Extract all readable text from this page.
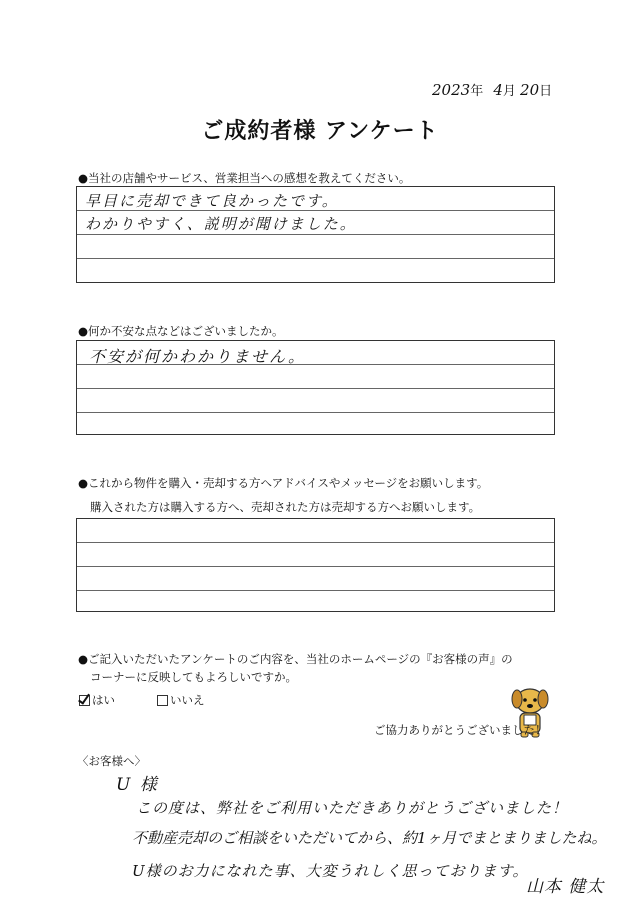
2023年 4月 20日
ご成約者様 アンケート
●当社の店舗やサービス、営業担当への感想を教えてください。
早目に売却できて良かったです。
わかりやすく、説明が聞けました。
●何か不安な点などはございましたか。
不安が何かわかりません。
●これから物件を購入・売却する方へアドバイスやメッセージをお願いします。
購入された方は購入する方へ、売却された方は売却する方へお願いします。
●ご記入いただいたアンケートのご内容を、当社のホームページの『お客様の声』の
コーナーに反映してもよろしいですか。
はい	いいえ
ご協力ありがとうございました！
〈お客様へ〉
U 様
この度は、弊社をご利用いただきありがとうございました！
不動産売却のご相談をいただいてから、約1ヶ月でまとまりましたね。
U様のお力になれた事、大変うれしく思っております。
山本 健太
